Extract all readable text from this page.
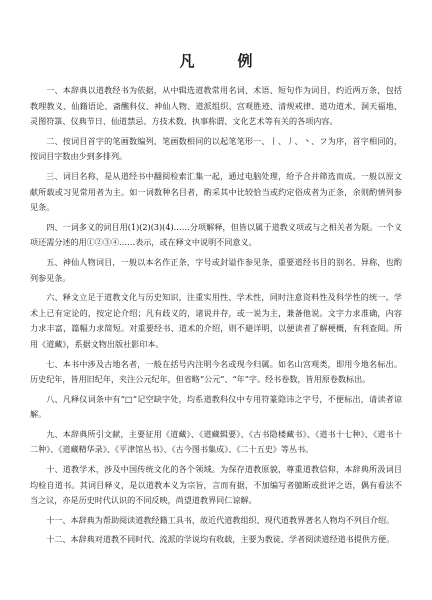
凡　例

一、本辞典以道教经书为依据，从中辑选道教常用名词、术语、短句作为词目，约近两万条，包括教理教义、仙籍语论、斋醮科仪、神仙人物、道派组织、宫观胜迹、清规戒律、道功道术、洞天福地、灵图符箓、仪典节日、仙道禁忌、方技术数、执事称谓、文化艺术等有关的各项内容。

二、按词目首字的笔画数编列，笔画数相同的以起笔笔形一、丨、丿、丶、フ为序，首字相同的，按词目字数由少到多排列。

三、词目名称，是从道经书中翻阅检索汇集一起，通过电脑处理，给予合并筛选而成。一般以原文献所载或习见常用者为主。如一词数种名目者，酌采其中比较恰当或约定俗成者为正条，余则酌情列参见条。

四、一词多义的词目用(1)(2)(3)(4)……分项解释，但皆以属于道教义项或与之相关者为限。一个义项还需分述的用①②③④……表示，或在释文中说明不同意义。

五、神仙人物词目，一般以本名作正条，字号或封谥作参见条，重要道经书目的别名、异称，也酌列参见条。

六、释文立足于道教文化与历史知识，注重实用性、学术性，同时注意资料性及科学性的统一。学术上已有定论的，按定论介绍；凡有歧义的，诸说并存，或一说为主，兼备他说。文字力求准确，内容力求丰富，篇幅力求简短。对重要经书、道术的介绍，则不避详明，以便读者了解梗概，有利查阅。所用《道藏》，系据文物出版社影印本。

七、本书中涉及古地名者，一般在括号内注明今名或现今归属。如名山宫观类，即用今地名标出。历史纪年，皆用旧纪年，夹注公元纪年，但省略“公元”、“年”字。经书卷数，皆用原卷数标出。

八、凡释仪词条中有“□”记空缺字处，均系道教科仪中专用符篆隐讳之字号，不便标出，请读者谅解。

九、本辞典所引文献，主要征用《道藏》、《道藏辑要》、《古书隐楼藏书》、《道书十七种》、《道书十二种》、《道藏精华录》、《平津馆丛书》、《古今图书集成》、《二十五史》等丛书。

十、道教学术，涉及中国传统文化的各个领域。为保存道教原貌，尊重道教信仰，本辞典所汲词目均检自道书。其词目释义，是以道教本义为宗旨，言而有据，不加编写者臆断或批评之语，偶有看法不当之议，亦是历史时代认识的不同反映，尚望道教界同仁谅解。

十一、本辞典为帮助阅读道教经籍工具书，故近代道教组织、现代道教界著名人物均不列目介绍。

十二、本辞典对道教不同时代、流派的学说均有收载，主要为教徒、学者阅读道经道书提供方便。
